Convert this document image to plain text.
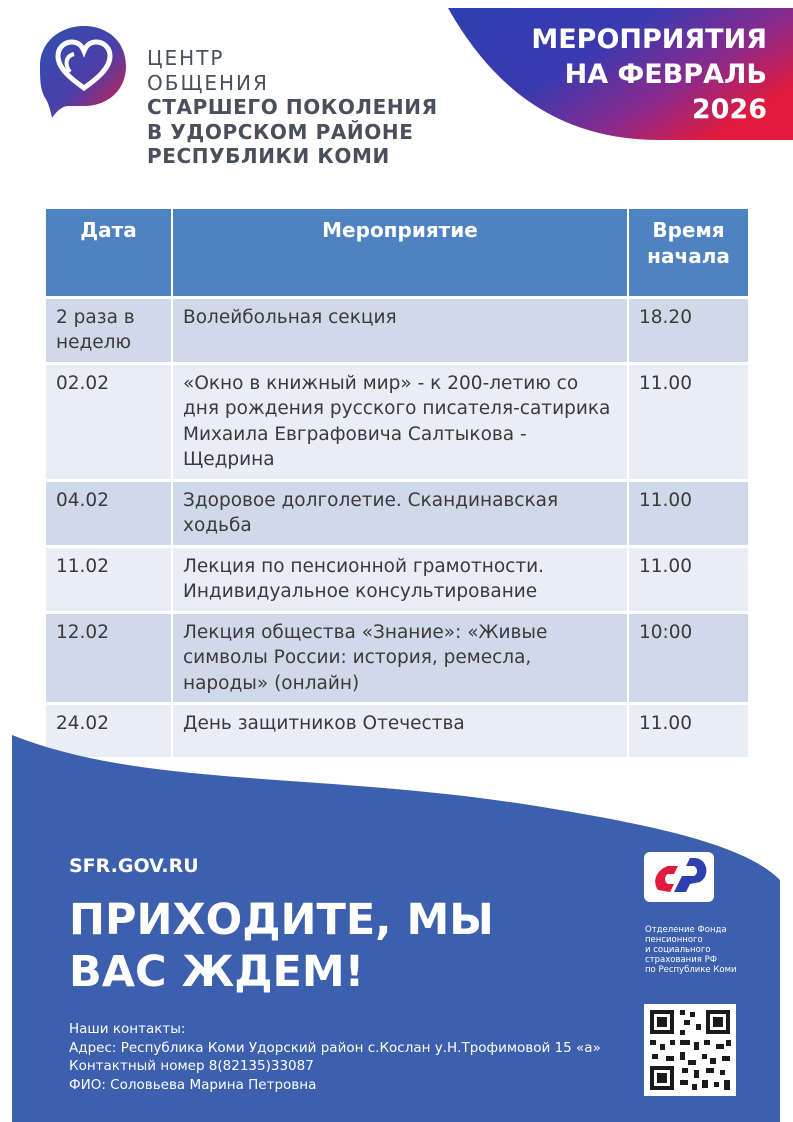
ЦЕНТР
ОБЩЕНИЯ
СТАРШЕГО ПОКОЛЕНИЯ
В УДОРСКОМ РАЙОНЕ
РЕСПУБЛИКИ КОМИ
МЕРОПРИЯТИЯ
НА ФЕВРАЛЬ
2026
Дата	Мероприятие	Время начала
2 раза в неделю	Волейбольная секция	18.20
02.02	«Окно в книжный мир» - к 200-летию со дня рождения русского писателя-сатирика Михаила Евграфовича Салтыкова - Щедрина	11.00
04.02	Здоровое долголетие. Скандинавская ходьба	11.00
11.02	Лекция по пенсионной грамотности. Индивидуальное консультирование	11.00
12.02	Лекция общества «Знание»: «Живые символы России: история, ремесла, народы» (онлайн)	10:00
24.02	День защитников Отечества	11.00
SFR.GOV.RU
ПРИХОДИТЕ, МЫ
ВАС ЖДЕМ!
Наши контакты:
Адрес: Республика Коми Удорский район с.Кослан у.Н.Трофимовой 15 «а»
Контактный номер 8(82135)33087
ФИО: Соловьева Марина Петровна
Отделение Фонда
пенсионного
и социального
страхования РФ
по Республике Коми
